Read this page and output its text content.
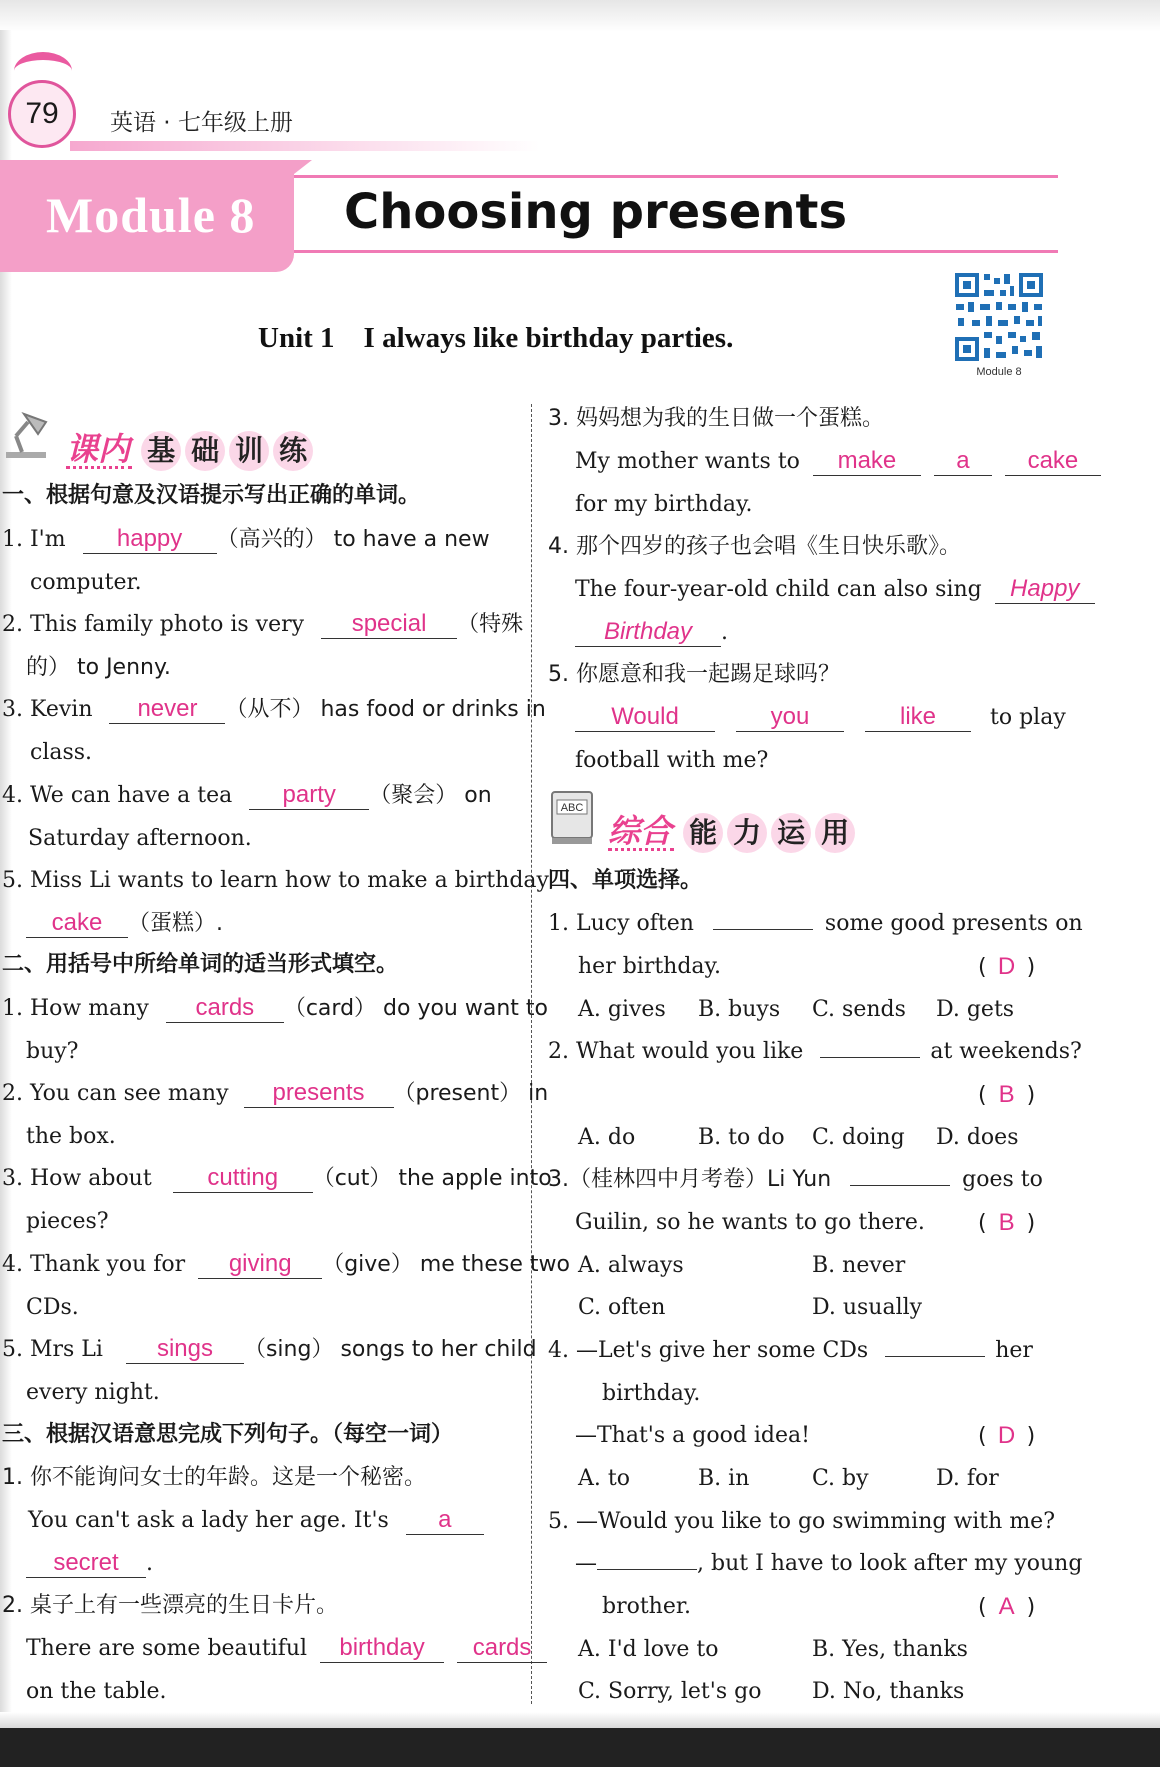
79	英语 · 七年级上册
Module 8 Choosing presents
Module 8
Unit 1    I always like birthday parties.
课内 基 础 训 练
一、根据句意及汉语提示写出正确的单词。
1. I'm happy （高兴的） to have a new
computer.
2. This family photo is very special （特殊
的） to Jenny.
3. Kevin never （从不） has food or drinks in
class.
4. We can have a tea party （聚会） on
Saturday afternoon.
5. Miss Li wants to learn how to make a birthday
cake （蛋糕）.
二、用括号中所给单词的适当形式填空。
1. How many cards （card） do you want to
buy?
2. You can see many presents （present） in
the box.
3. How about cutting （cut） the apple into
pieces?
4. Thank you for giving （give） me these two
CDs.
5. Mrs Li sings （sing） songs to her child
every night.
三、根据汉语意思完成下列句子。（每空一词）
1. 你不能询问女士的年龄。这是一个秘密。
You can't ask a lady her age. It's a
secret .
2. 桌子上有一些漂亮的生日卡片。
There are some beautiful birthday cards
on the table.
3. 妈妈想为我的生日做一个蛋糕。
My mother wants to make a cake
for my birthday.
4. 那个四岁的孩子也会唱《生日快乐歌》。
The four-year-old child can also sing Happy
Birthday .
5. 你愿意和我一起踢足球吗？
Would	you	like to play
football with me?
ABC
综合 能 力 运 用
四、单项选择。
1. Lucy often	some good presents on
her birthday.	( D )
A. gives B. buys C. sends D. gets
2. What would you like	at weekends?
( B )
A. do	B. to do C. doing D. does
3.（桂林四中月考卷）Li Yun	goes to
Guilin, so he wants to go there. ( B )
A. always	B. never
C. often	D. usually
4. —Let's give her some CDs	her
birthday.
—That's a good idea!	( D )
A. to	B. in	C. by	D. for
5. —Would you like to go swimming with me?
—	, but I have to look after my young
brother.	( A )
A. I'd love to	B. Yes, thanks
C. Sorry, let's go D. No, thanks
